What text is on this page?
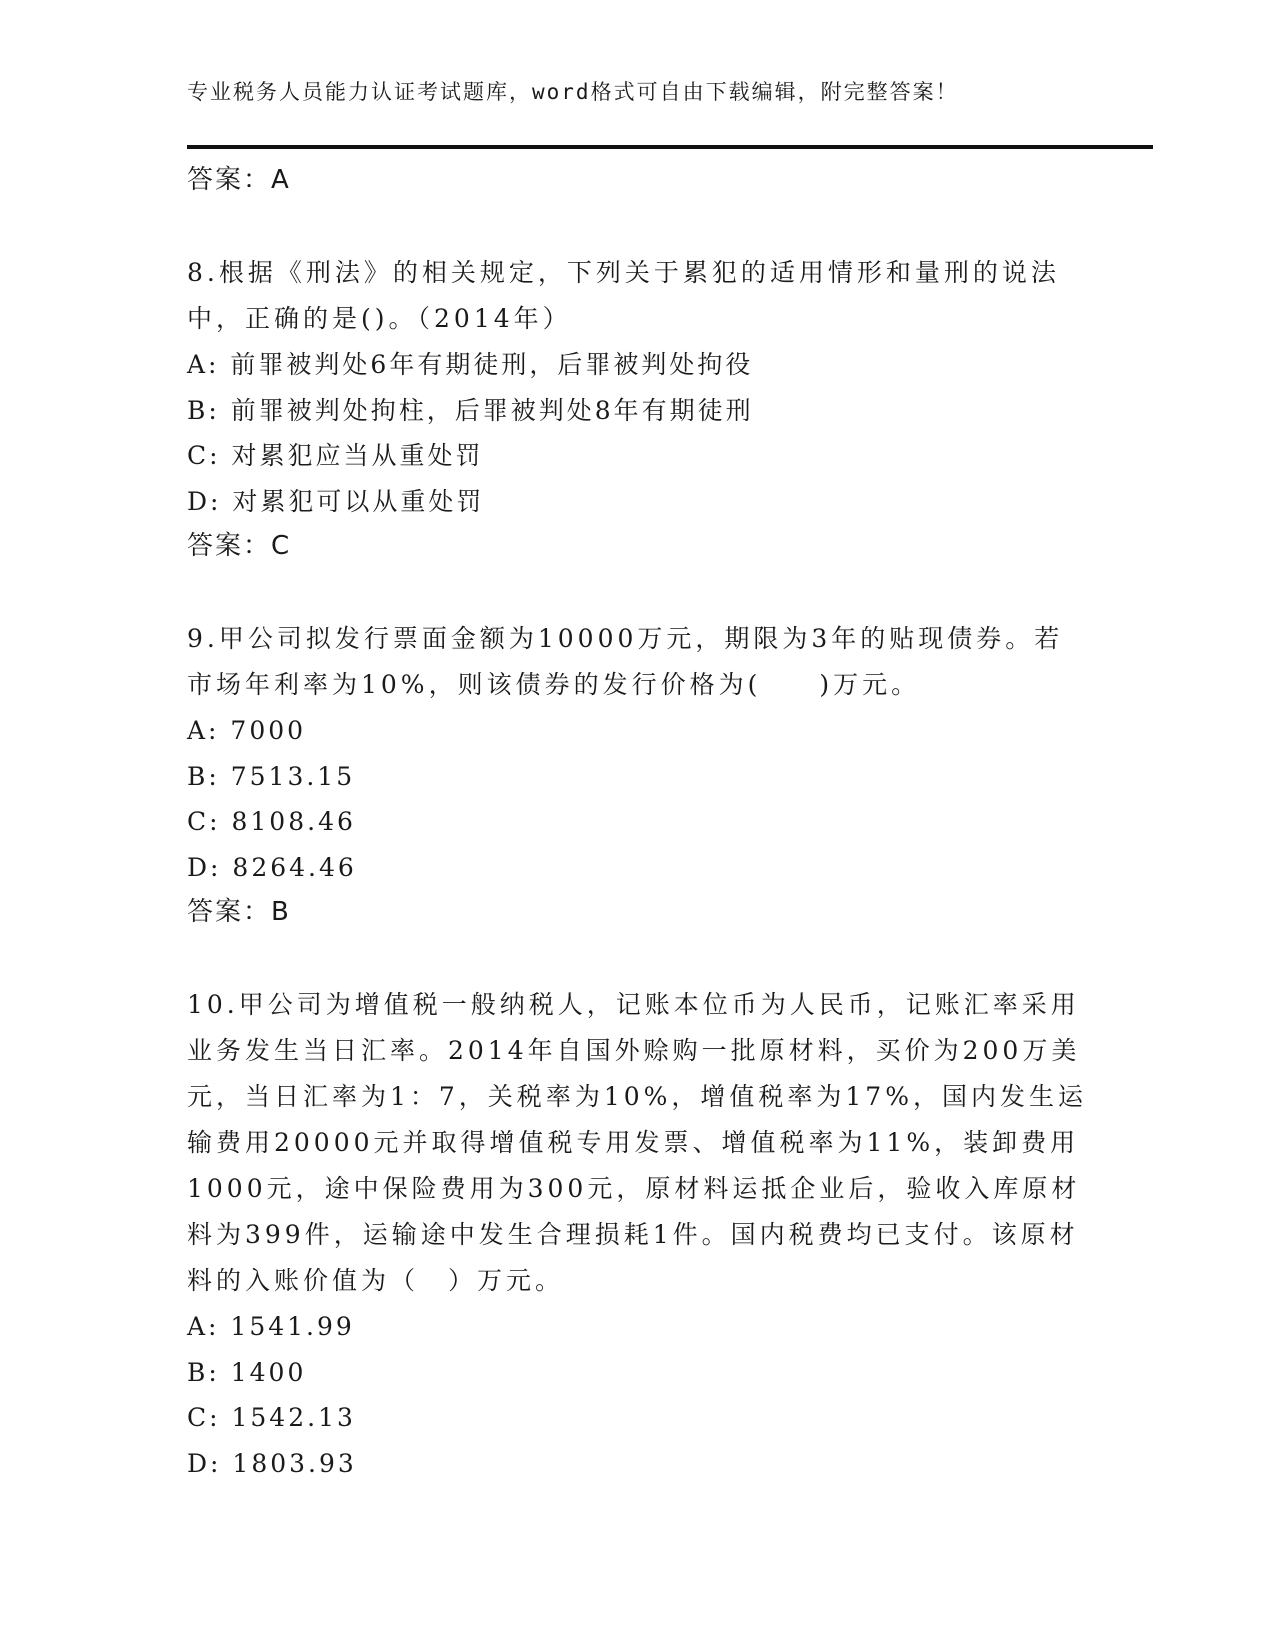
专业税务人员能力认证考试题库，word格式可自由下载编辑，附完整答案！
答案：A
8.根据《刑法》的相关规定，下列关于累犯的适用情形和量刑的说法中，正确的是()。（2014年）
A: 前罪被判处6年有期徒刑，后罪被判处拘役
B: 前罪被判处拘柱，后罪被判处8年有期徒刑
C: 对累犯应当从重处罚
D: 对累犯可以从重处罚
答案：C
9.甲公司拟发行票面金额为10000万元，期限为3年的贴现债券。若市场年利率为10%，则该债券的发行价格为(　　)万元。
A: 7000
B: 7513.15
C: 8108.46
D: 8264.46
答案：B
10.甲公司为增值税一般纳税人，记账本位币为人民币，记账汇率采用业务发生当日汇率。2014年自国外赊购一批原材料，买价为200万美元，当日汇率为1：7，关税率为10%，增值税率为17%，国内发生运输费用20000元并取得增值税专用发票、增值税率为11%，装卸费用1000元，途中保险费用为300元，原材料运抵企业后，验收入库原材料为399件，运输途中发生合理损耗1件。国内税费均已支付。该原材料的入账价值为（　）万元。
A: 1541.99
B: 1400
C: 1542.13
D: 1803.93
